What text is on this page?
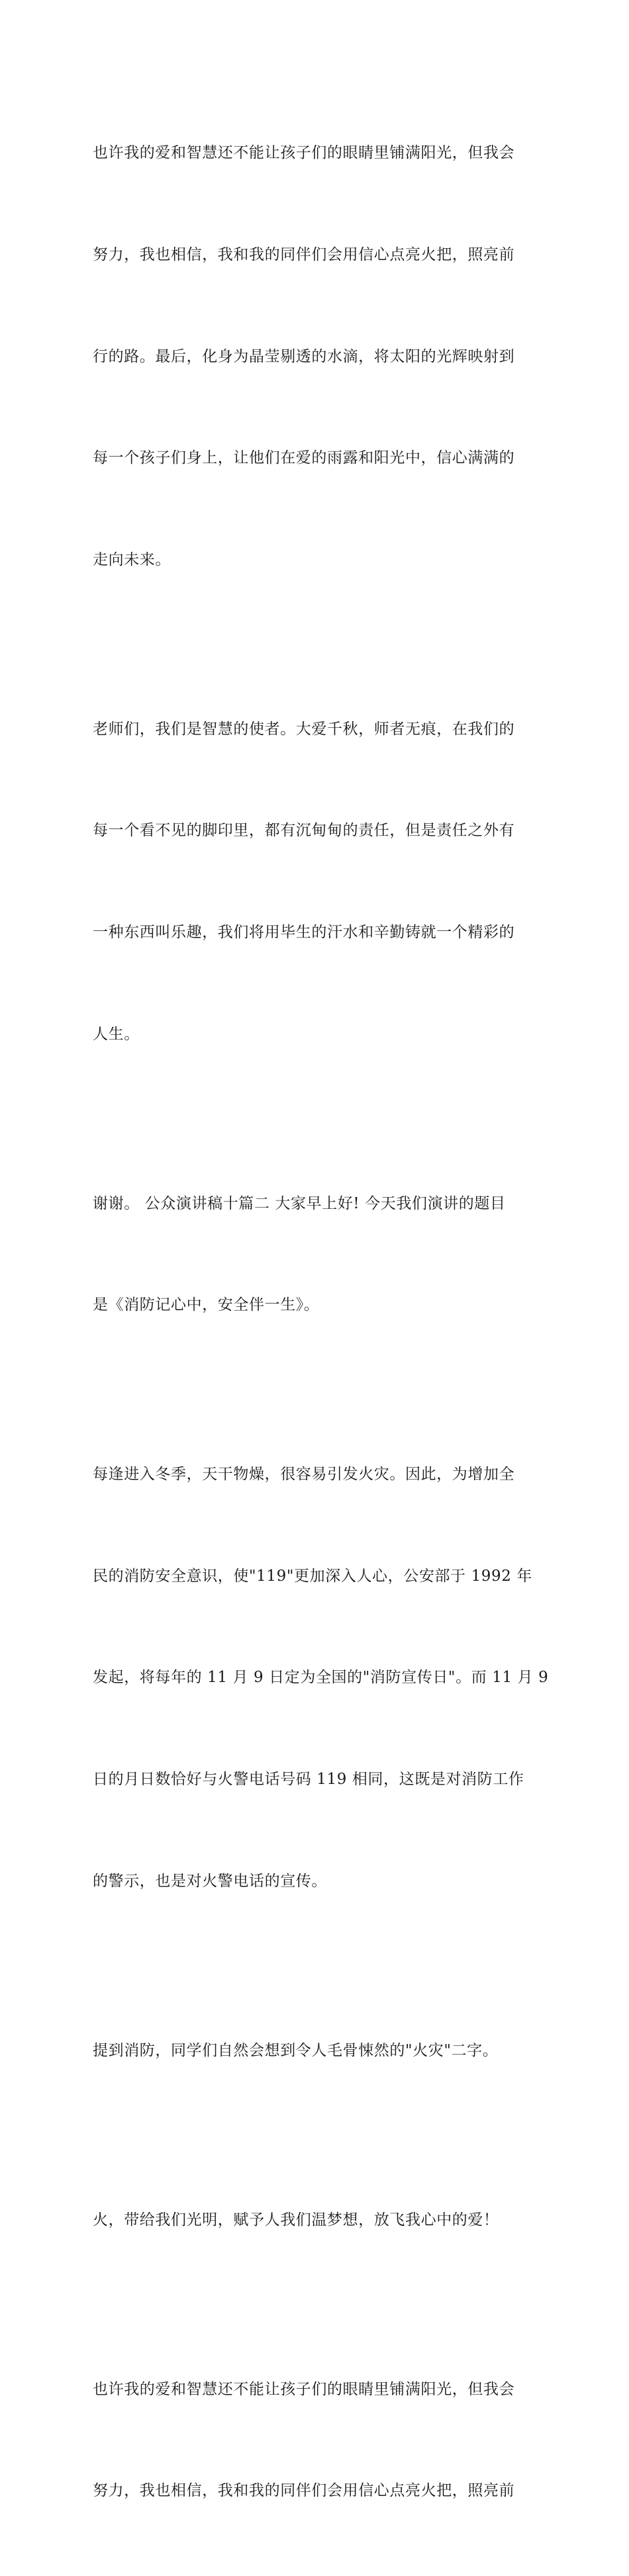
也许我的爱和智慧还不能让孩子们的眼睛里铺满阳光，但我会

努力，我也相信，我和我的同伴们会用信心点亮火把，照亮前

行的路。最后，化身为晶莹剔透的水滴，将太阳的光辉映射到

每一个孩子们身上，让他们在爱的雨露和阳光中，信心满满的

走向未来。

老师们，我们是智慧的使者。大爱千秋，师者无痕，在我们的

每一个看不见的脚印里，都有沉甸甸的责任，但是责任之外有

一种东西叫乐趣，我们将用毕生的汗水和辛勤铸就一个精彩的

人生。

谢谢。 公众演讲稿十篇二 大家早上好! 今天我们演讲的题目

是《消防记心中，安全伴一生》。

每逢进入冬季，天干物燥，很容易引发火灾。因此，为增加全

民的消防安全意识，使"119"更加深入人心，公安部于 1992 年

发起，将每年的 11 月 9 日定为全国的"消防宣传日"。而 11 月 9

日的月日数恰好与火警电话号码 119 相同，这既是对消防工作

的警示，也是对火警电话的宣传。

提到消防，同学们自然会想到令人毛骨悚然的"火灾"二字。

火，带给我们光明，赋予人我们温梦想，放飞我心中的爱！

也许我的爱和智慧还不能让孩子们的眼睛里铺满阳光，但我会

努力，我也相信，我和我的同伴们会用信心点亮火把，照亮前
